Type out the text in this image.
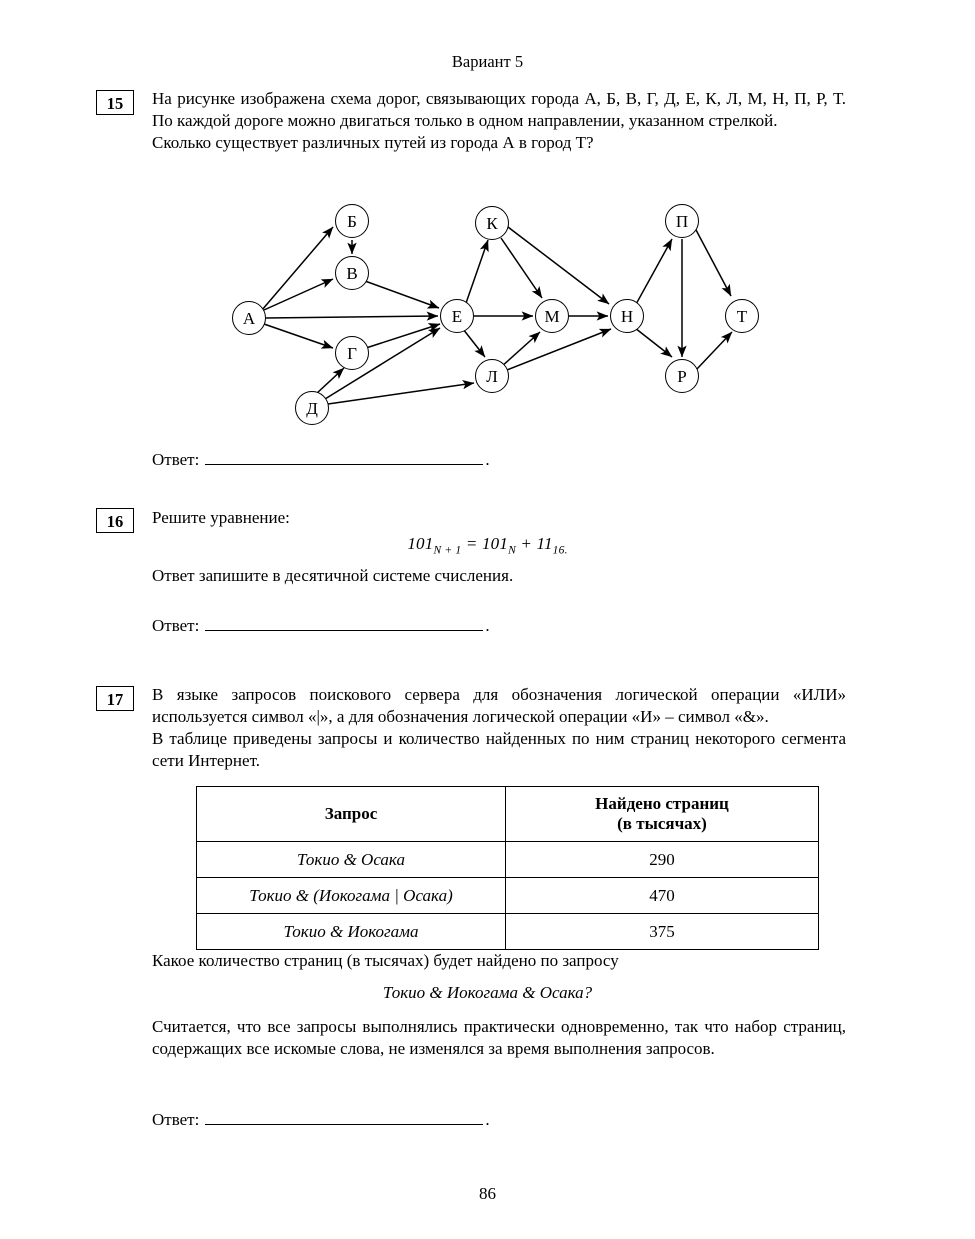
Вариант 5
15	На рисунке изображена схема дорог, связывающих города А, Б, В, Г, Д, Е, К, Л, М, Н, П, Р, Т. По каждой дороге можно двигаться только в одном направлении, указанном стрелкой.

Сколько существует различных путей из города А в город Т?

Б	К	П
В
А	Е	М	Н	Т
Г
Л	Р
Д
Ответ:	.
16	Решите уравнение:

$101_{N + 1} = 101_N + 11_{16.}$

Ответ запишите в десятичной системе счисления.

Ответ:	.
17	В языке запросов поискового сервера для обозначения логической операции «ИЛИ» используется символ «|», а для обозначения логической операции «И» – символ «&».

В таблице приведены запросы и количество найденных по ним страниц некоторого сегмента сети Интернет.

Запрос	Найдено страниц
(в тысячах)
Токио & Осака	290
Токио & (Иокогама | Осака)	470
Токио & Иокогама	375

Какое количество страниц (в тысячах) будет найдено по запросу

Токио & Иокогама & Осака?

Считается, что все запросы выполнялись практически одновременно, так что набор страниц, содержащих все искомые слова, не изменялся за время выполнения запросов.

Ответ:	.
86
